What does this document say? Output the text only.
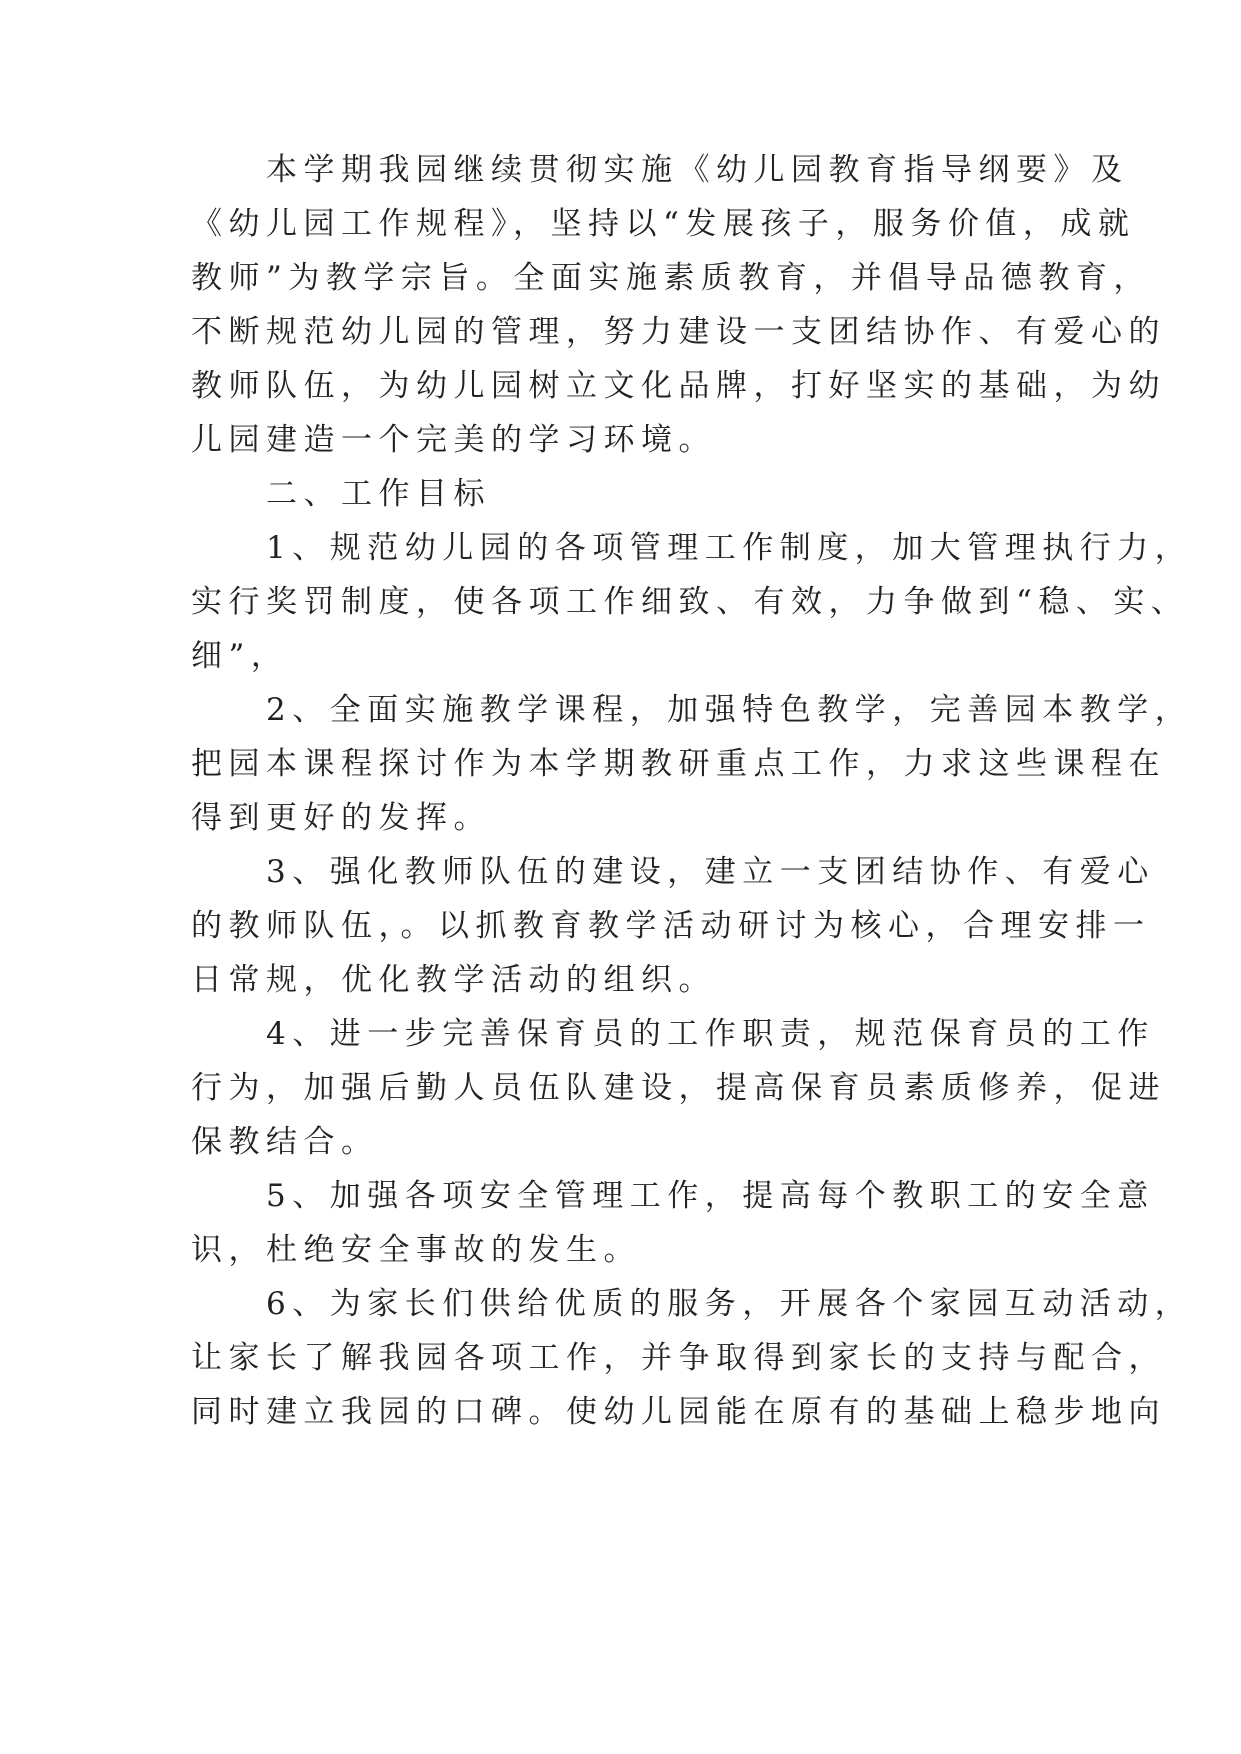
　　本学期我园继续贯彻实施《幼儿园教育指导纲要》及
《幼儿园工作规程》，坚持以“发展孩子，服务价值，成就
教师”为教学宗旨。全面实施素质教育，并倡导品德教育，
不断规范幼儿园的管理，努力建设一支团结协作、有爱心的
教师队伍，为幼儿园树立文化品牌，打好坚实的基础，为幼
儿园建造一个完美的学习环境。
　　二、工作目标
　　1、规范幼儿园的各项管理工作制度，加大管理执行力，
实行奖罚制度，使各项工作细致、有效，力争做到“稳、实、
细”，
　　2、全面实施教学课程，加强特色教学，完善园本教学，
把园本课程探讨作为本学期教研重点工作，力求这些课程在
得到更好的发挥。
　　3、强化教师队伍的建设，建立一支团结协作、有爱心
的教师队伍，。以抓教育教学活动研讨为核心，合理安排一
日常规，优化教学活动的组织。
　　4、进一步完善保育员的工作职责，规范保育员的工作
行为，加强后勤人员伍队建设，提高保育员素质修养，促进
保教结合。
　　5、加强各项安全管理工作，提高每个教职工的安全意
识，杜绝安全事故的发生。
　　6、为家长们供给优质的服务，开展各个家园互动活动，
让家长了解我园各项工作，并争取得到家长的支持与配合，
同时建立我园的口碑。使幼儿园能在原有的基础上稳步地向
